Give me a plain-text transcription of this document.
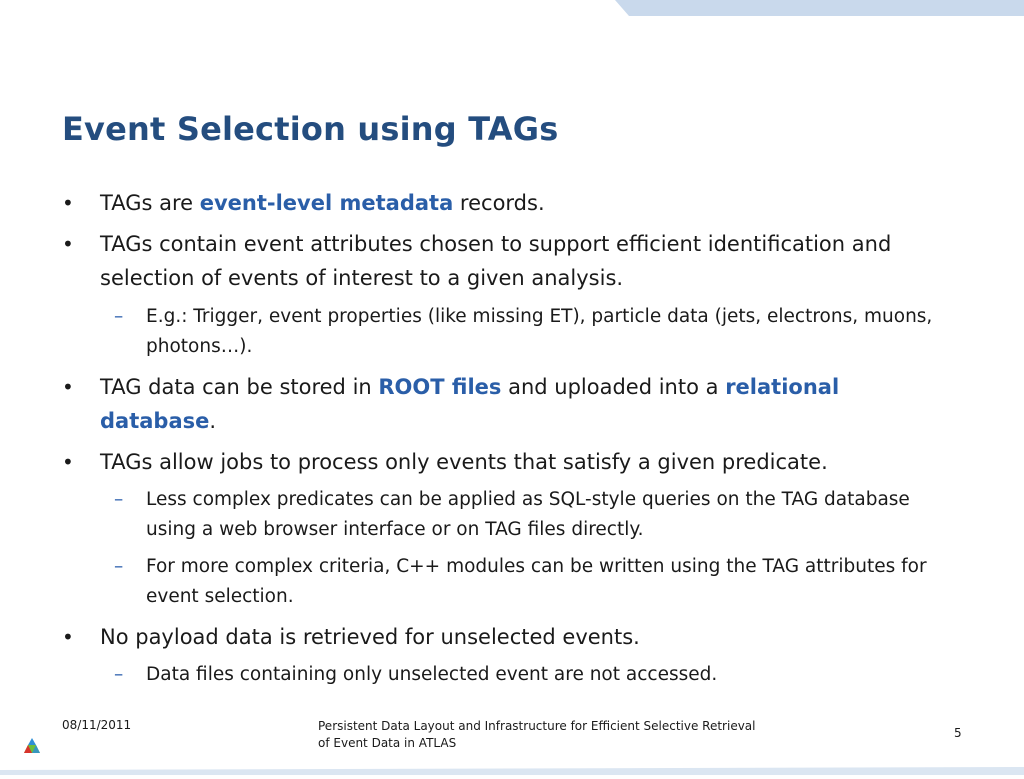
Event Selection using TAGs
•	TAGs are event-level metadata records.
•	TAGs contain event attributes chosen to support efficient identification and selection of events of interest to a given analysis.
–	E.g.: Trigger, event properties (like missing ET), particle data (jets, electrons, muons, photons…).
•	TAG data can be stored in ROOT files and uploaded into a relational database.
•	TAGs allow jobs to process only events that satisfy a given predicate.
–	Less complex predicates can be applied as SQL-style queries on the TAG database using a web browser interface or on TAG files directly.
–	For more complex criteria, C++ modules can be written using the TAG attributes for event selection.
•	No payload data is retrieved for unselected events.
–	Data files containing only unselected event are not accessed.
08/11/2011	Persistent Data Layout and Infrastructure for Efficient Selective Retrieval of Event Data in ATLAS
5
